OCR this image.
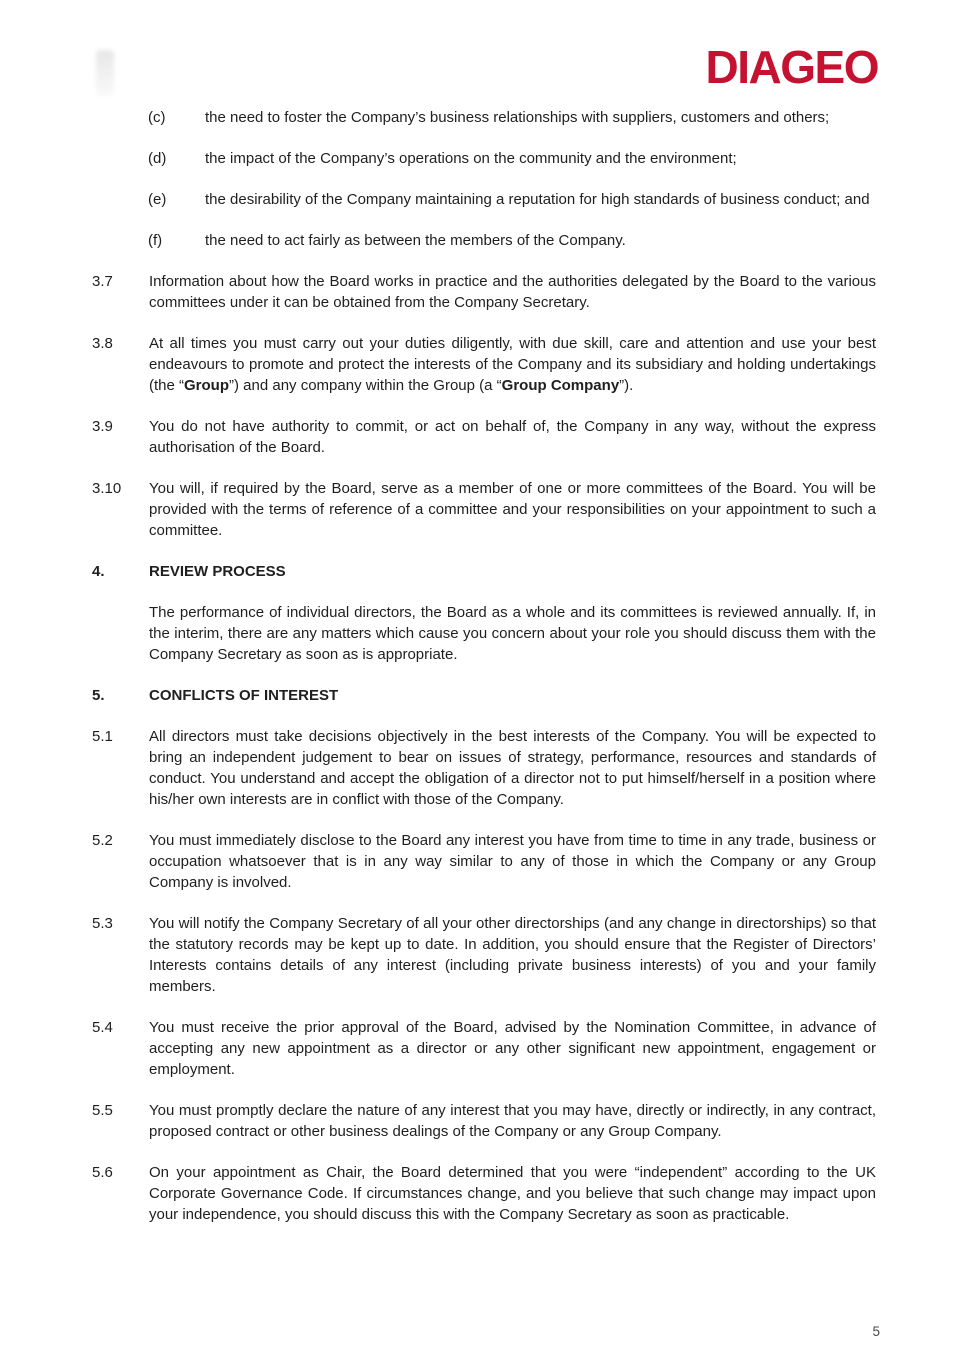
DIAGEO
(c)	the need to foster the Company’s business relationships with suppliers, customers and others;

(d)	the impact of the Company’s operations on the community and the environment;

(e)	the desirability of the Company maintaining a reputation for high standards of business conduct; and

(f)	the need to act fairly as between the members of the Company.

3.7	Information about how the Board works in practice and the authorities delegated by the Board to the various committees under it can be obtained from the Company Secretary.

3.8	At all times you must carry out your duties diligently, with due skill, care and attention and use your best endeavours to promote and protect the interests of the Company and its subsidiary and holding undertakings (the “Group”) and any company within the Group (a “Group Company”).

3.9	You do not have authority to commit, or act on behalf of, the Company in any way, without the express authorisation of the Board.

3.10	You will, if required by the Board, serve as a member of one or more committees of the Board. You will be provided with the terms of reference of a committee and your responsibilities on your appointment to such a committee.

4.	REVIEW PROCESS

The performance of individual directors, the Board as a whole and its committees is reviewed annually. If, in the interim, there are any matters which cause you concern about your role you should discuss them with the Company Secretary as soon as is appropriate.

5.	CONFLICTS OF INTEREST

5.1	All directors must take decisions objectively in the best interests of the Company. You will be expected to bring an independent judgement to bear on issues of strategy, performance, resources and standards of conduct. You understand and accept the obligation of a director not to put himself/herself in a position where his/her own interests are in conflict with those of the Company.

5.2	You must immediately disclose to the Board any interest you have from time to time in any trade, business or occupation whatsoever that is in any way similar to any of those in which the Company or any Group Company is involved.

5.3	You will notify the Company Secretary of all your other directorships (and any change in directorships) so that the statutory records may be kept up to date. In addition, you should ensure that the Register of Directors’ Interests contains details of any interest (including private business interests) of you and your family members.

5.4	You must receive the prior approval of the Board, advised by the Nomination Committee, in advance of accepting any new appointment as a director or any other significant new appointment, engagement or employment.

5.5	You must promptly declare the nature of any interest that you may have, directly or indirectly, in any contract, proposed contract or other business dealings of the Company or any Group Company.

5.6	On your appointment as Chair, the Board determined that you were “independent” according to the UK Corporate Governance Code. If circumstances change, and you believe that such change may impact upon your independence, you should discuss this with the Company Secretary as soon as practicable.

5
